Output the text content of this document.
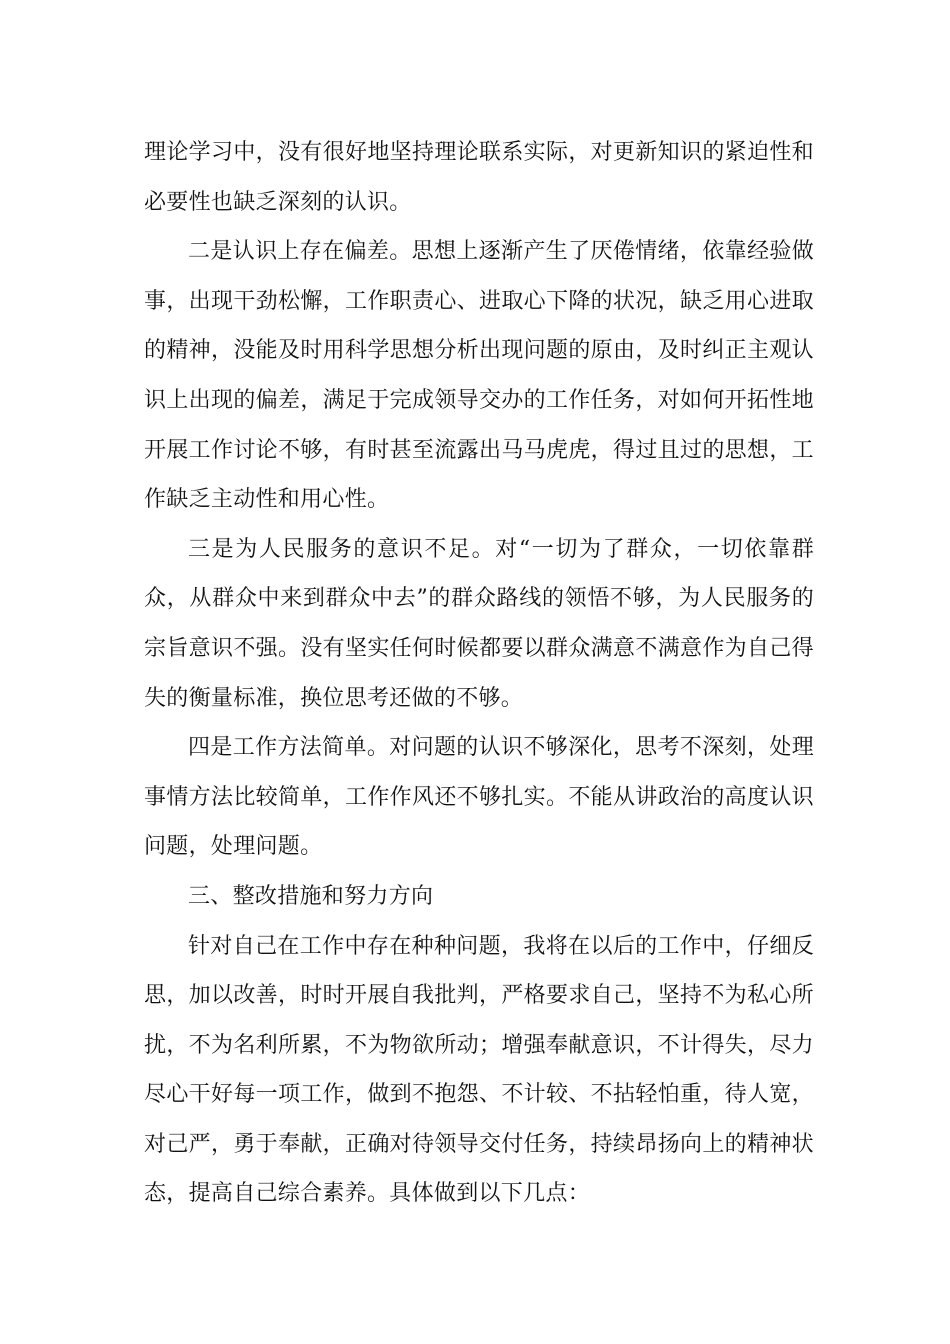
理论学习中，没有很好地坚持理论联系实际，对更新知识的紧迫性和必要性也缺乏深刻的认识。

二是认识上存在偏差。思想上逐渐产生了厌倦情绪，依靠经验做事，出现干劲松懈，工作职责心、进取心下降的状况，缺乏用心进取的精神，没能及时用科学思想分析出现问题的原由，及时纠正主观认识上出现的偏差，满足于完成领导交办的工作任务，对如何开拓性地开展工作讨论不够，有时甚至流露出马马虎虎，得过且过的思想，工作缺乏主动性和用心性。

三是为人民服务的意识不足。对“一切为了群众，一切依靠群众，从群众中来到群众中去”的群众路线的领悟不够，为人民服务的宗旨意识不强。没有坚实任何时候都要以群众满意不满意作为自己得失的衡量标准，换位思考还做的不够。

四是工作方法简单。对问题的认识不够深化，思考不深刻，处理事情方法比较简单，工作作风还不够扎实。不能从讲政治的高度认识问题，处理问题。

三、整改措施和努力方向

针对自己在工作中存在种种问题，我将在以后的工作中，仔细反思，加以改善，时时开展自我批判，严格要求自己，坚持不为私心所扰，不为名利所累，不为物欲所动；增强奉献意识，不计得失，尽力尽心干好每一项工作，做到不抱怨、不计较、不拈轻怕重，待人宽，对己严，勇于奉献，正确对待领导交付任务，持续昂扬向上的精神状态，提高自己综合素养。具体做到以下几点：
